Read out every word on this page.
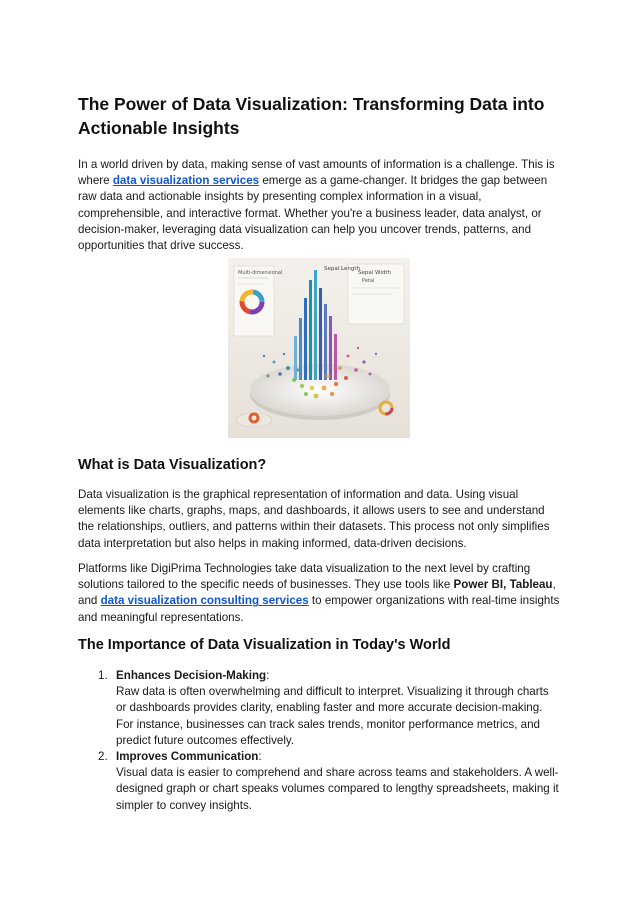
The Power of Data Visualization: Transforming Data into Actionable Insights

In a world driven by data, making sense of vast amounts of information is a challenge. This is where data visualization services emerge as a game-changer. It bridges the gap between raw data and actionable insights by presenting complex information in a visual, comprehensible, and interactive format. Whether you're a business leader, data analyst, or decision-maker, leveraging data visualization can help you uncover trends, patterns, and opportunities that drive success.

Multi-dimensional
Sepal Length
Sepal Width
Petal
What is Data Visualization?

Data visualization is the graphical representation of information and data. Using visual elements like charts, graphs, maps, and dashboards, it allows users to see and understand the relationships, outliers, and patterns within their datasets. This process not only simplifies data interpretation but also helps in making informed, data-driven decisions.

Platforms like DigiPrima Technologies take data visualization to the next level by crafting solutions tailored to the specific needs of businesses. They use tools like Power BI, Tableau, and data visualization consulting services to empower organizations with real-time insights and meaningful representations.

The Importance of Data Visualization in Today's World
1. Enhances Decision-Making:
Raw data is often overwhelming and difficult to interpret. Visualizing it through charts or dashboards provides clarity, enabling faster and more accurate decision-making. For instance, businesses can track sales trends, monitor performance metrics, and predict future outcomes effectively.
2. Improves Communication:
Visual data is easier to comprehend and share across teams and stakeholders. A well-designed graph or chart speaks volumes compared to lengthy spreadsheets, making it simpler to convey insights.
